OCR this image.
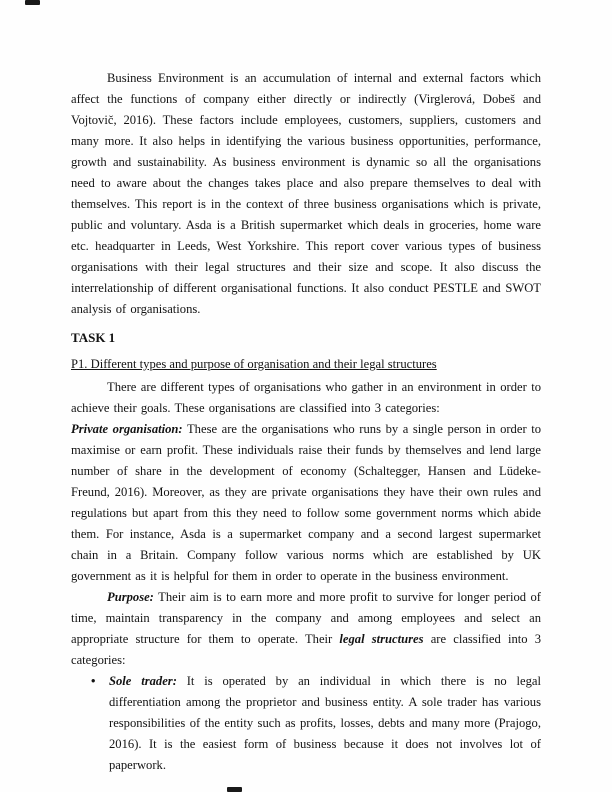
Business Environment is an accumulation of internal and external factors which affect the functions of company either directly or indirectly (Virglerová, Dobeš and Vojtovič, 2016). These factors include employees, customers, suppliers, customers and many more. It also helps in identifying the various business opportunities, performance, growth and sustainability. As business environment is dynamic so all the organisations need to aware about the changes takes place and also prepare themselves to deal with themselves. This report is in the context of three business organisations which is private, public and voluntary. Asda is a British supermarket which deals in groceries, home ware etc. headquarter in Leeds, West Yorkshire. This report cover various types of business organisations with their legal structures and their size and scope. It also discuss the interrelationship of different organisational functions. It also conduct PESTLE and SWOT analysis of organisations.

TASK 1

P1. Different types and purpose of organisation and their legal structures

There are different types of organisations who gather in an environment in order to achieve their goals. These organisations are classified into 3 categories:

Private organisation: These are the organisations who runs by a single person in order to maximise or earn profit. These individuals raise their funds by themselves and lend large number of share in the development of economy (Schaltegger, Hansen and Lüdeke-Freund, 2016). Moreover, as they are private organisations they have their own rules and regulations but apart from this they need to follow some government norms which abide them. For instance, Asda is a supermarket company and a second largest supermarket chain in a Britain. Company follow various norms which are established by UK government as it is helpful for them in order to operate in the business environment.

Purpose: Their aim is to earn more and more profit to survive for longer period of time, maintain transparency in the company and among employees and select an appropriate structure for them to operate. Their legal structures are classified into 3 categories:

• Sole trader: It is operated by an individual in which there is no legal differentiation among the proprietor and business entity. A sole trader has various responsibilities of the entity such as profits, losses, debts and many more (Prajogo, 2016). It is the easiest form of business because it does not involves lot of paperwork.
